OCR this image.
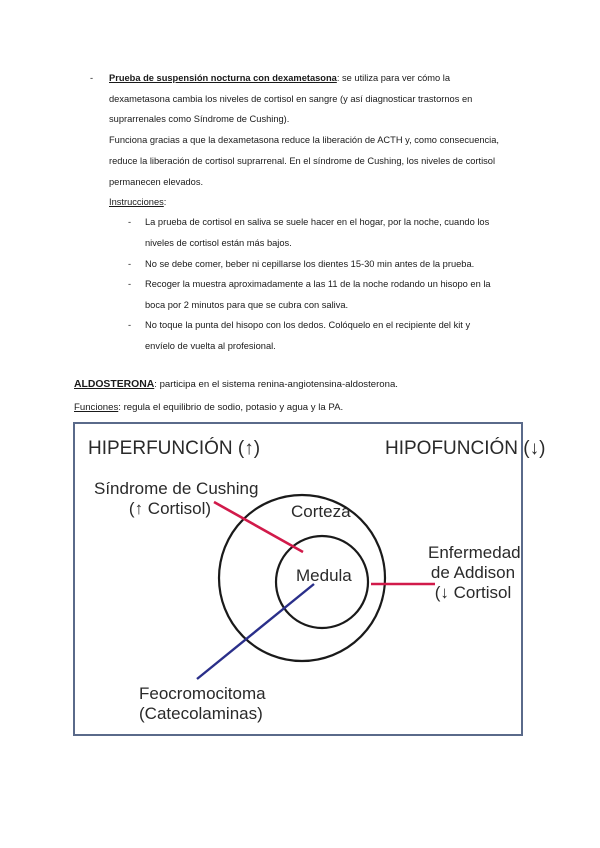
- Prueba de suspensión nocturna con dexametasona: se utiliza para ver cómo la
dexametasona cambia los niveles de cortisol en sangre (y así diagnosticar trastornos en
suprarrenales como Síndrome de Cushing).
Funciona gracias a que la dexametasona reduce la liberación de ACTH y, como consecuencia,
reduce la liberación de cortisol suprarrenal. En el síndrome de Cushing, los niveles de cortisol
permanecen elevados.
Instrucciones:
- La prueba de cortisol en saliva se suele hacer en el hogar, por la noche, cuando los
niveles de cortisol están más bajos.
- No se debe comer, beber ni cepillarse los dientes 15-30 min antes de la prueba.
- Recoger la muestra aproximadamente a las 11 de la noche rodando un hisopo en la
boca por 2 minutos para que se cubra con saliva.
- No toque la punta del hisopo con los dedos. Colóquelo en el recipiente del kit y
envíelo de vuelta al profesional.
ALDOSTERONA: participa en el sistema renina-angiotensina-aldosterona.
Funciones: regula el equilibrio de sodio, potasio y agua y la PA.
HIPERFUNCIÓN (↑)	HIPOFUNCIÓN (↓)
Síndrome de Cushing
(↑ Cortisol)	Corteza
Medula
Enfermedad
de Addison
(↓ Cortisol
Feocromocitoma
(Catecolaminas)
